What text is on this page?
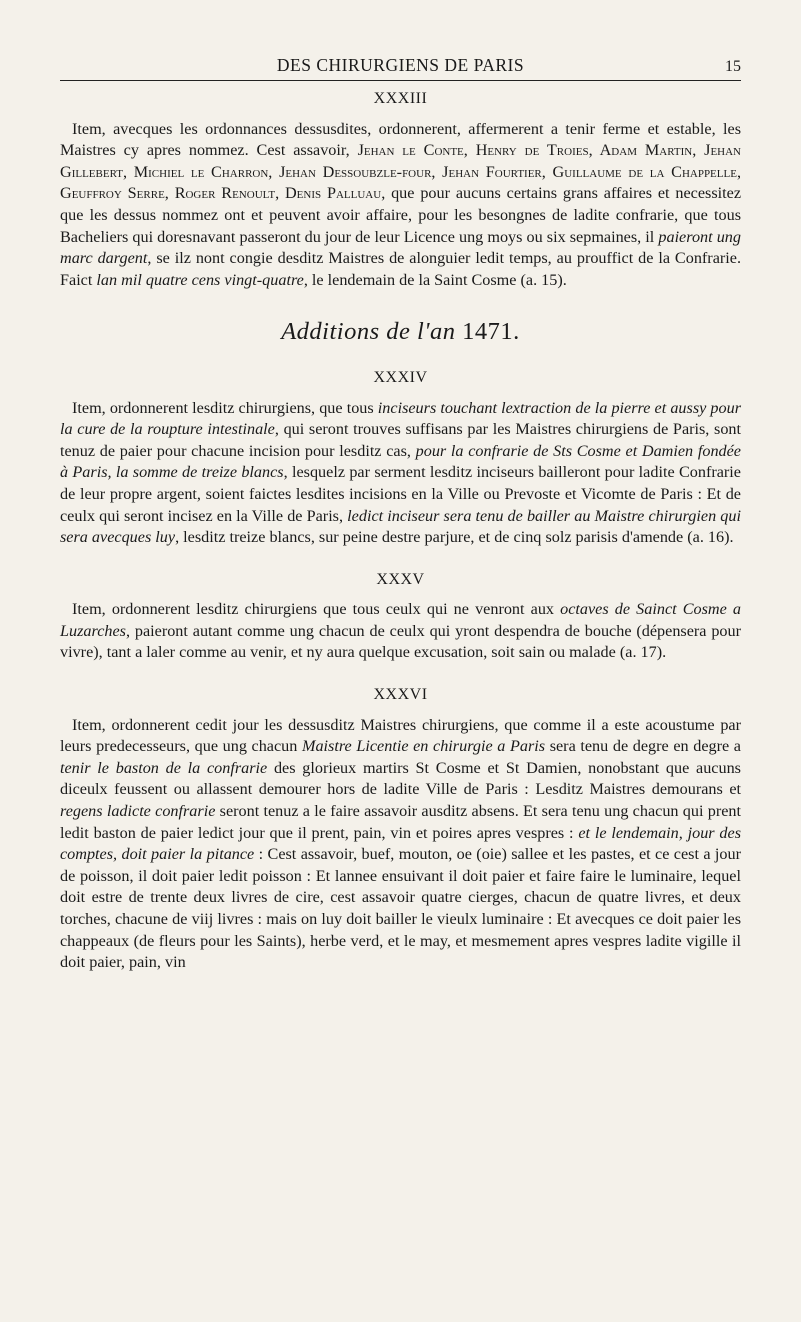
DES CHIRURGIENS DE PARIS	15
XXXIII

Item, avecques les ordonnances dessusdites, ordonnerent, affermerent a tenir ferme et estable, les Maistres cy apres nommez. Cest assavoir, Jehan le Conte, Henry de Troies, Adam Martin, Jehan Gillebert, Michiel le Charron, Jehan Dessoubzle-four, Jehan Fourtier, Guillaume de la Chappelle, Geuffroy Serre, Roger Renoult, Denis Palluau, que pour aucuns certains grans affaires et necessitez que les dessus nommez ont et peuvent avoir affaire, pour les besongnes de ladite confrarie, que tous Bacheliers qui doresnavant passeront du jour de leur Licence ung moys ou six sepmaines, il paieront ung marc dargent, se ilz nont congie desditz Maistres de alonguier ledit temps, au prouffict de la Confrarie. Faict lan mil quatre cens vingt-quatre, le lendemain de la Saint Cosme (a. 15).

Additions de l'an 1471.
XXXIV

Item, ordonnerent lesditz chirurgiens, que tous inciseurs touchant lextraction de la pierre et aussy pour la cure de la roupture intestinale, qui seront trouves suffisans par les Maistres chirurgiens de Paris, sont tenuz de paier pour chacune incision pour lesditz cas, pour la confrarie de Sts Cosme et Damien fondée à Paris, la somme de treize blancs, lesquelz par serment lesditz inciseurs bailleront pour ladite Confrarie de leur propre argent, soient faictes lesdites incisions en la Ville ou Prevoste et Vicomte de Paris : Et de ceulx qui seront incisez en la Ville de Paris, ledict inciseur sera tenu de bailler au Maistre chirurgien qui sera avecques luy, lesditz treize blancs, sur peine destre parjure, et de cinq solz parisis d'amende (a. 16).

XXXV

Item, ordonnerent lesditz chirurgiens que tous ceulx qui ne venront aux octaves de Sainct Cosme a Luzarches, paieront autant comme ung chacun de ceulx qui yront despendra de bouche (dépensera pour vivre), tant a laler comme au venir, et ny aura quelque excusation, soit sain ou malade (a. 17).

XXXVI

Item, ordonnerent cedit jour les dessusditz Maistres chirurgiens, que comme il a este acoustume par leurs predecesseurs, que ung chacun Maistre Licentie en chirurgie a Paris sera tenu de degre en degre a tenir le baston de la confrarie des glorieux martirs St Cosme et St Damien, nonobstant que aucuns diceulx feussent ou allassent demourer hors de ladite Ville de Paris : Lesditz Maistres demourans et regens ladicte confrarie seront tenuz a le faire assavoir ausditz absens. Et sera tenu ung chacun qui prent ledit baston de paier ledict jour que il prent, pain, vin et poires apres vespres : et le lendemain, jour des comptes, doit paier la pitance : Cest assavoir, buef, mouton, oe (oie) sallee et les pastes, et ce cest a jour de poisson, il doit paier ledit poisson : Et lannee ensuivant il doit paier et faire faire le luminaire, lequel doit estre de trente deux livres de cire, cest assavoir quatre cierges, chacun de quatre livres, et deux torches, chacune de viij livres : mais on luy doit bailler le vieulx luminaire : Et avecques ce doit paier les chappeaux (de fleurs pour les Saints), herbe verd, et le may, et mesmement apres vespres ladite vigille il doit paier, pain, vin
